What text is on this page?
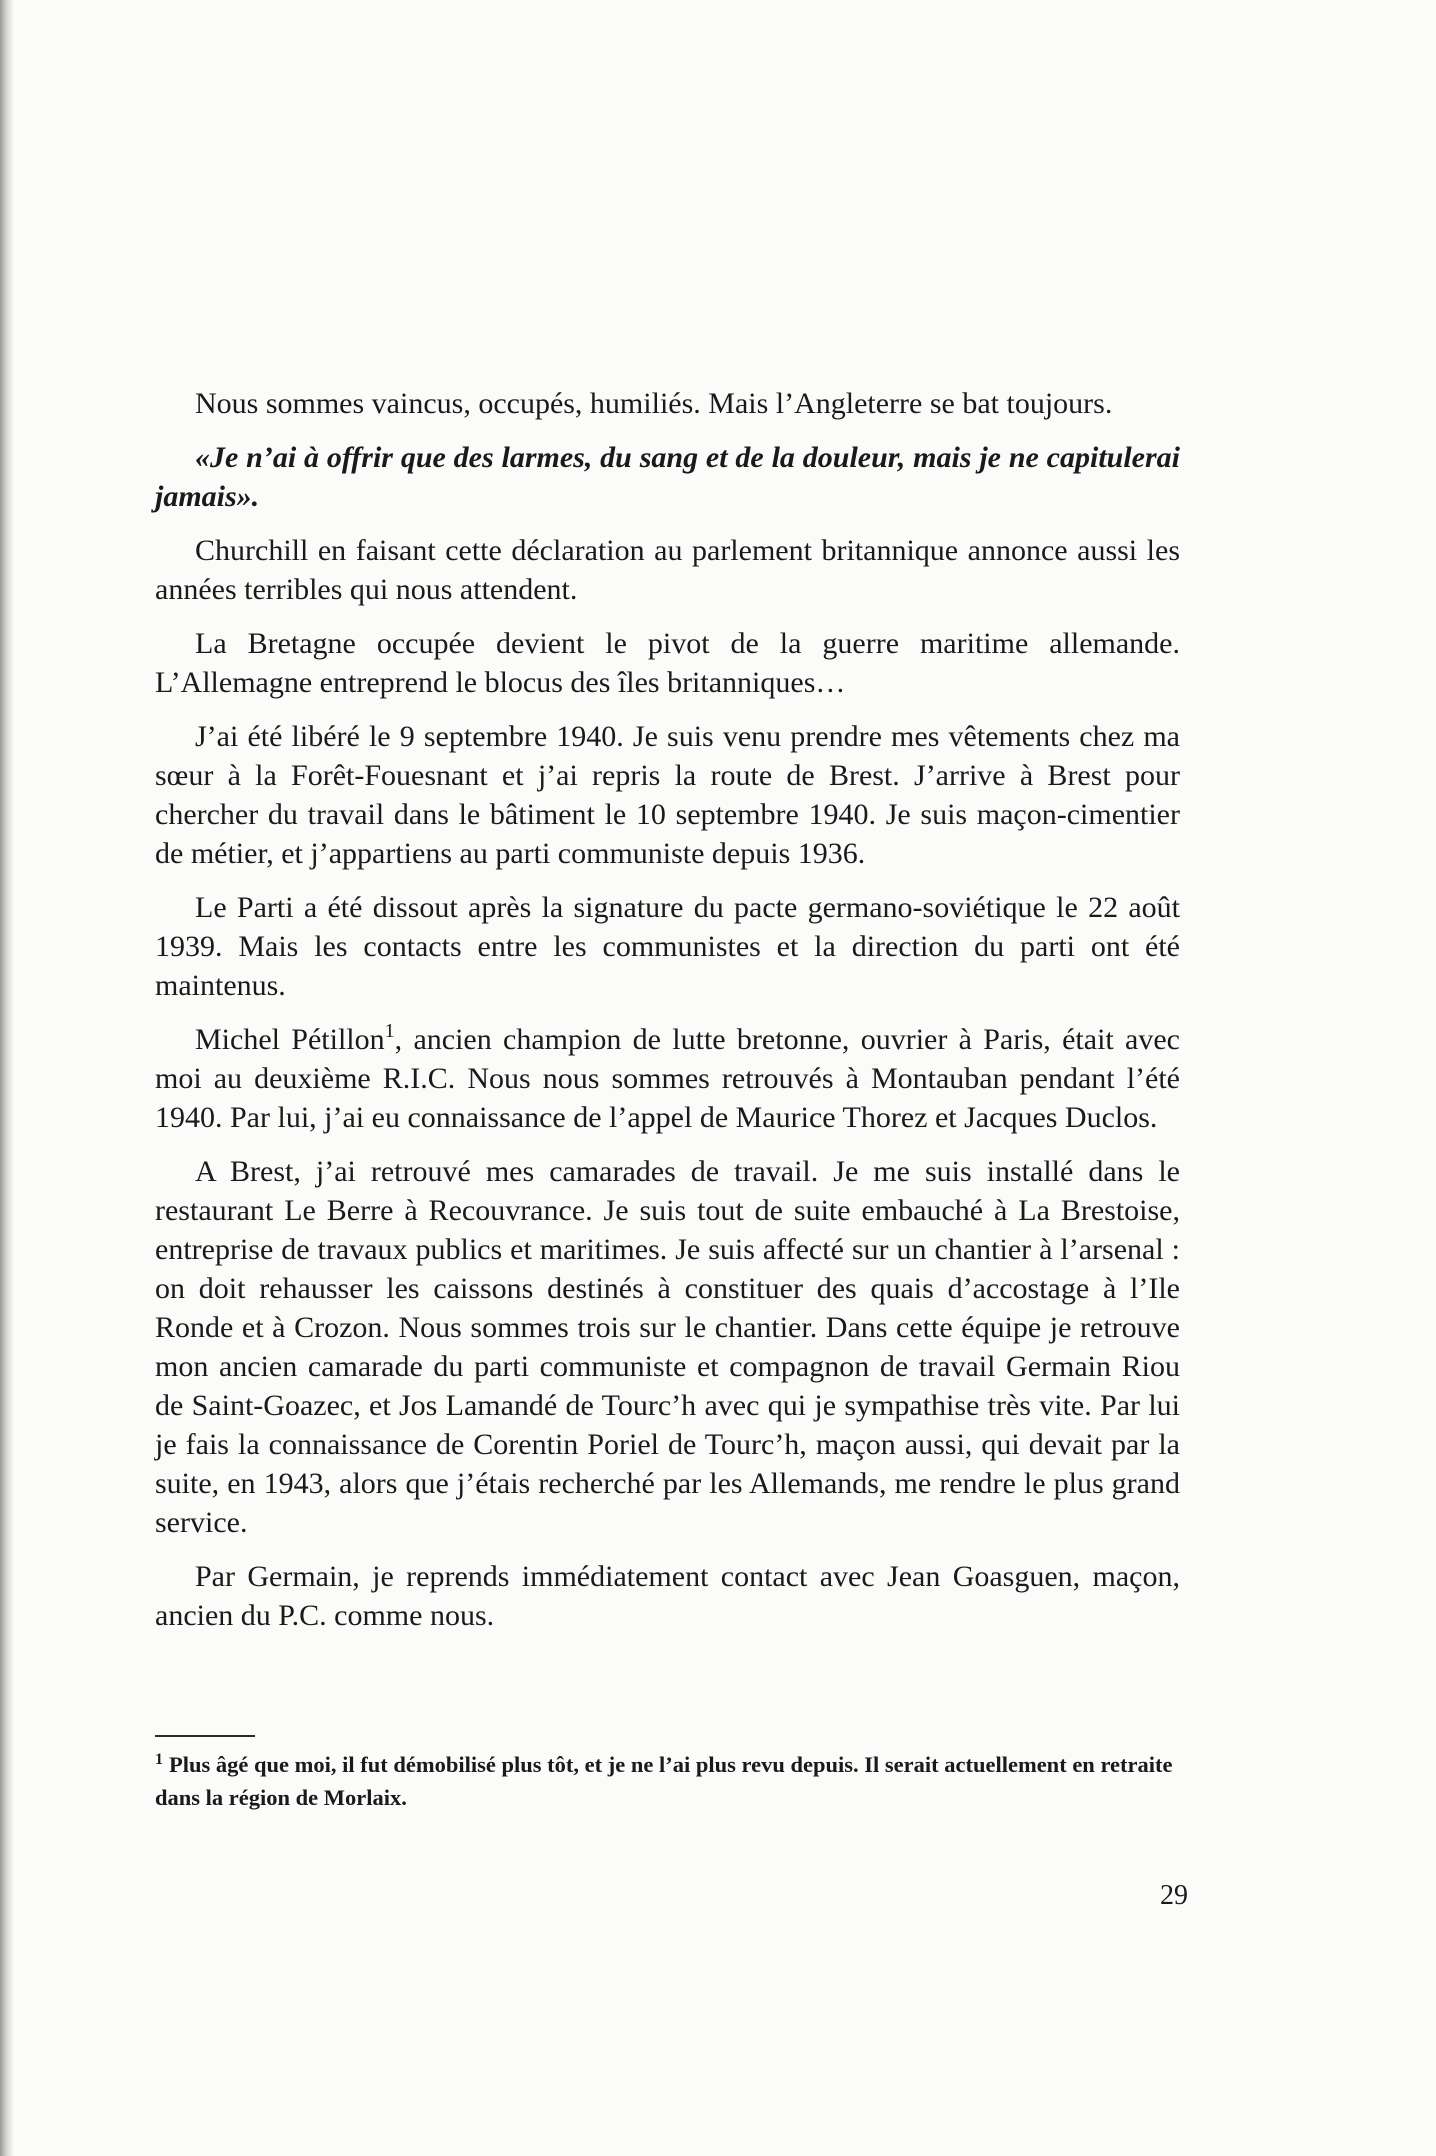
Nous sommes vaincus, occupés, humiliés. Mais l’Angleterre se bat toujours.

«Je n’ai à offrir que des larmes, du sang et de la douleur, mais je ne capitulerai jamais».

Churchill en faisant cette déclaration au parlement britannique annonce aussi les années terribles qui nous attendent.

La Bretagne occupée devient le pivot de la guerre maritime allemande. L’Allemagne entreprend le blocus des îles britanniques…

J’ai été libéré le 9 septembre 1940. Je suis venu prendre mes vêtements chez ma sœur à la Forêt-Fouesnant et j’ai repris la route de Brest. J’arrive à Brest pour chercher du travail dans le bâtiment le 10 septembre 1940. Je suis maçon-cimentier de métier, et j’appartiens au parti communiste depuis 1936.

Le Parti a été dissout après la signature du pacte germano-soviétique le 22 août 1939. Mais les contacts entre les communistes et la direction du parti ont été maintenus.

Michel Pétillon$^1$, ancien champion de lutte bretonne, ouvrier à Paris, était avec moi au deuxième R.I.C. Nous nous sommes retrouvés à Montauban pendant l’été 1940. Par lui, j’ai eu connaissance de l’appel de Maurice Thorez et Jacques Duclos.

A Brest, j’ai retrouvé mes camarades de travail. Je me suis installé dans le restaurant Le Berre à Recouvrance. Je suis tout de suite embauché à La Brestoise, entreprise de travaux publics et maritimes. Je suis affecté sur un chantier à l’arsenal : on doit rehausser les caissons destinés à constituer des quais d’accostage à l’Ile Ronde et à Crozon. Nous sommes trois sur le chantier. Dans cette équipe je retrouve mon ancien camarade du parti communiste et compagnon de travail Germain Riou de Saint-Goazec, et Jos Lamandé de Tourc’h avec qui je sympathise très vite. Par lui je fais la connaissance de Corentin Poriel de Tourc’h, maçon aussi, qui devait par la suite, en 1943, alors que j’étais recherché par les Allemands, me rendre le plus grand service.

Par Germain, je reprends immédiatement contact avec Jean Goasguen, maçon, ancien du P.C. comme nous.

$^1$ Plus âgé que moi, il fut démobilisé plus tôt, et je ne l’ai plus revu depuis. Il serait actuellement en retraite dans la région de Morlaix.

29
